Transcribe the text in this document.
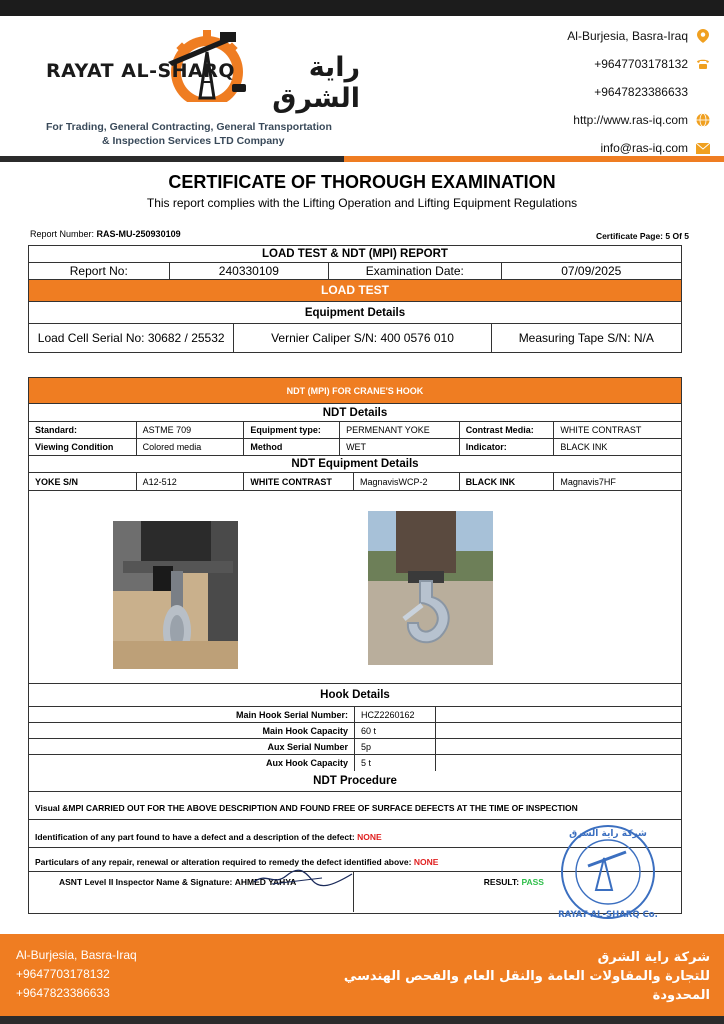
RAYAT AL-SHARQ	راية الشرق
For Trading, General Contracting, General Transportation
& Inspection Services LTD Company
Al-Burjesia, Basra-Iraq
+9647703178132
+9647823386633
http://www.ras-iq.com
info@ras-iq.com
CERTIFICATE OF THOROUGH EXAMINATION
This report complies with the Lifting Operation and Lifting Equipment Regulations
Report Number: RAS-MU-250930109	Certificate Page: 5 Of 5
LOAD TEST & NDT (MPI) REPORT
Report No:	240330109	Examination Date:	07/09/2025
LOAD TEST
Equipment Details
Load Cell Serial No: 30682 / 25532	Vernier Caliper S/N: 400 0576 010	Measuring Tape S/N: N/A
NDT (MPI) FOR CRANE'S HOOK
NDT Details
Standard:	ASTME 709	Equipment type:	PERMENANT YOKE	Contrast Media:	WHITE CONTRAST
Viewing Condition	Colored media	Method	WET	Indicator:	BLACK INK
NDT Equipment Details
YOKE S/N	A12-512	WHITE CONTRAST	MagnavisWCP-2	BLACK INK	Magnavis7HF
Hook Details
Main Hook Serial Number:	HCZ2260162
Main Hook Capacity	60 t
Aux Serial Number	5p
Aux Hook Capacity	5 t
NDT Procedure
Visual &MPI CARRIED OUT FOR THE ABOVE DESCRIPTION AND FOUND FREE OF SURFACE DEFECTS AT THE TIME OF INSPECTION
Identification of any part found to have a defect and a description of the defect:
NONE
Particulars of any repair, renewal or alteration required to remedy the defect identified above:
NONE
ASNT Level II Inspector Name & Signature:
AHMED YAHYA	RESULT:
PASS
شركة راية الشرق
RAYAT AL-SHARQ Co.
Al-Burjesia, Basra-Iraq
+9647703178132
+9647823386633
شركة راية الشرق
للتجارة والمقاولات العامة والنقل العام والفحص الهندسي
المحدودة
